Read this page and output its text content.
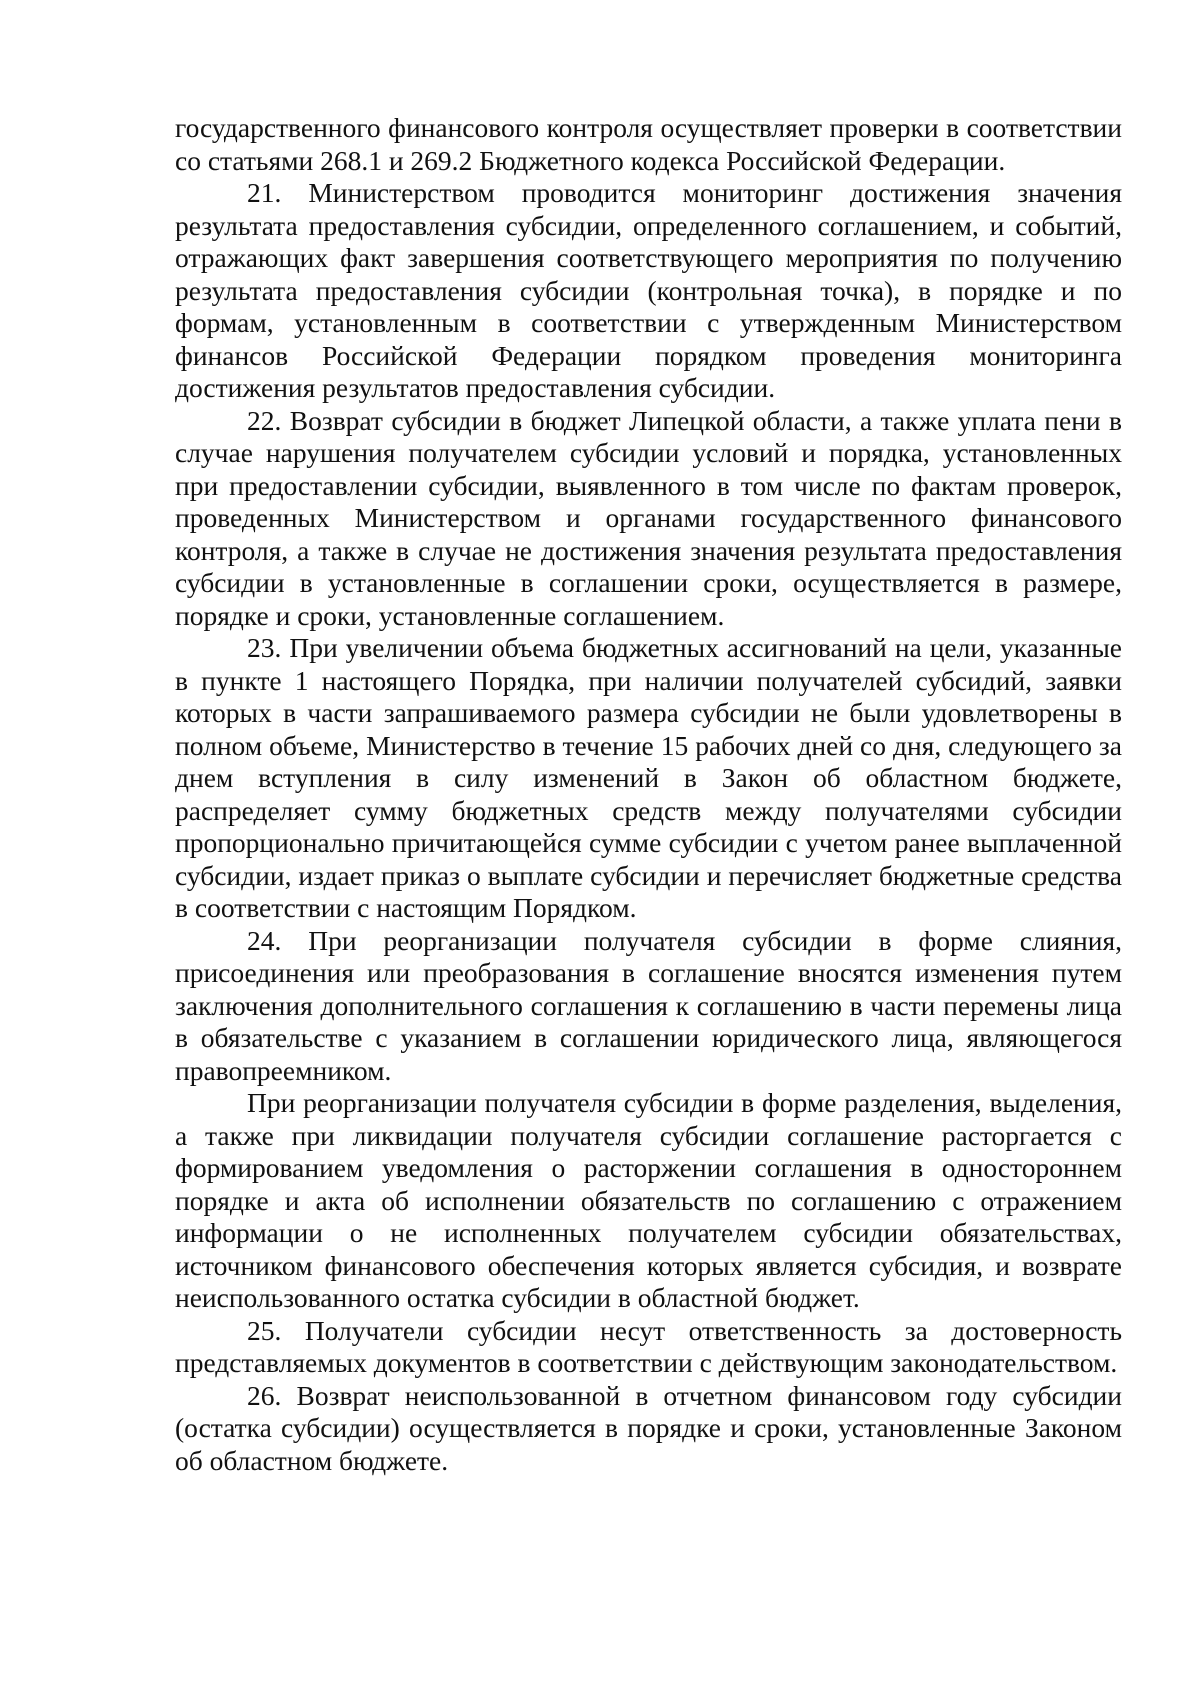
государственного финансового контроля осуществляет проверки в соответствии со статьями 268.1 и 269.2 Бюджетного кодекса Российской Федерации.

21. Министерством проводится мониторинг достижения значения результата предоставления субсидии, определенного соглашением, и событий, отражающих факт завершения соответствующего мероприятия по получению результата предоставления субсидии (контрольная точка), в порядке и по формам, установленным в соответствии с утвержденным Министерством финансов Российской Федерации порядком проведения мониторинга достижения результатов предоставления субсидии.

22. Возврат субсидии в бюджет Липецкой области, а также уплата пени в случае нарушения получателем субсидии условий и порядка, установленных при предоставлении субсидии, выявленного в том числе по фактам проверок, проведенных Министерством и органами государственного финансового контроля, а также в случае не достижения значения результата предоставления субсидии в установленные в соглашении сроки, осуществляется в размере, порядке и сроки, установленные соглашением.

23. При увеличении объема бюджетных ассигнований на цели, указанные в пункте 1 настоящего Порядка, при наличии получателей субсидий, заявки которых в части запрашиваемого размера субсидии не были удовлетворены в полном объеме, Министерство в течение 15 рабочих дней со дня, следующего за днем вступления в силу изменений в Закон об областном бюджете, распределяет сумму бюджетных средств между получателями субсидии пропорционально причитающейся сумме субсидии с учетом ранее выплаченной субсидии, издает приказ о выплате субсидии и перечисляет бюджетные средства в соответствии с настоящим Порядком.

24. При реорганизации получателя субсидии в форме слияния, присоединения или преобразования в соглашение вносятся изменения путем заключения дополнительного соглашения к соглашению в части перемены лица в обязательстве с указанием в соглашении юридического лица, являющегося правопреемником.

При реорганизации получателя субсидии в форме разделения, выделения, а также при ликвидации получателя субсидии соглашение расторгается с формированием уведомления о расторжении соглашения в одностороннем порядке и акта об исполнении обязательств по соглашению с отражением информации о не исполненных получателем субсидии обязательствах, источником финансового обеспечения которых является субсидия, и возврате неиспользованного остатка субсидии в областной бюджет.

25. Получатели субсидии несут ответственность за достоверность представляемых документов в соответствии с действующим законодательством.

26. Возврат неиспользованной в отчетном финансовом году субсидии (остатка субсидии) осуществляется в порядке и сроки, установленные Законом об областном бюджете.
